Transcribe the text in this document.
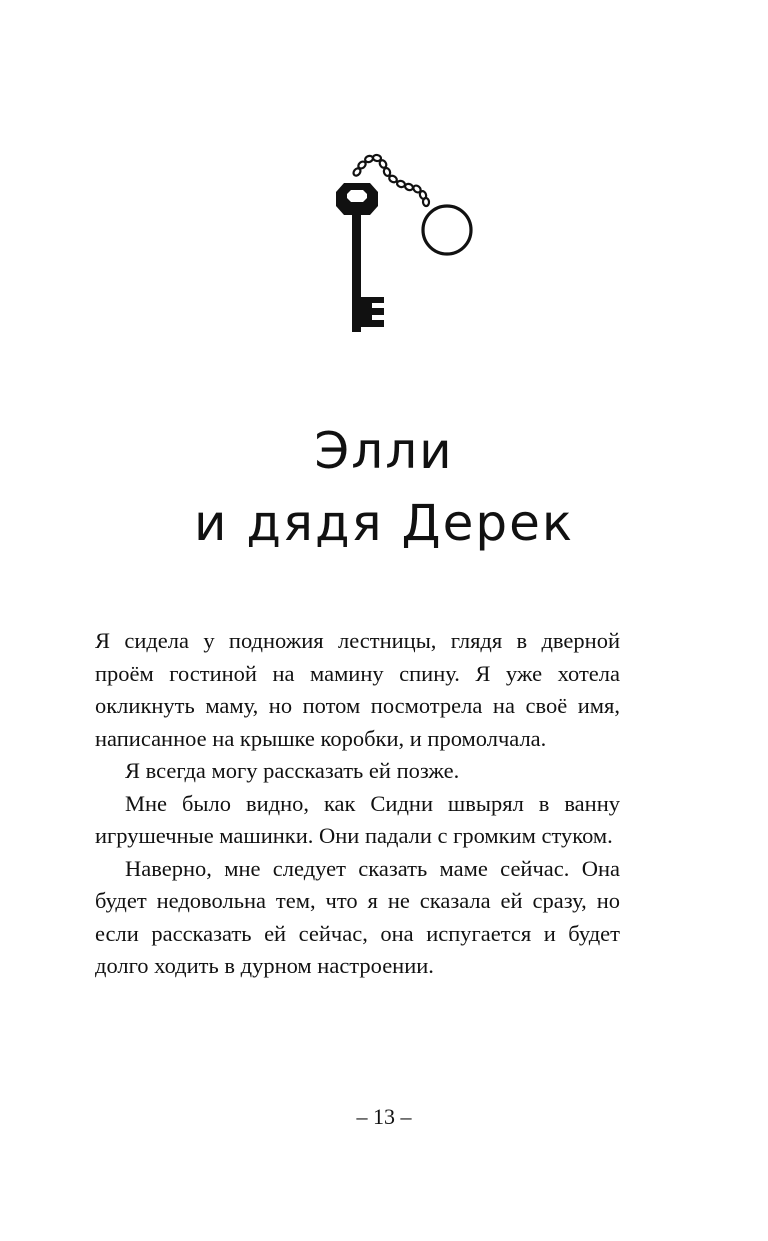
Элли
и дядя Дерек

Я сидела у подножия лестницы, глядя в дверной проём гостиной на мамину спину. Я уже хотела окликнуть маму, но потом посмотрела на своё имя, написанное на крышке коробки, и промолчала.

Я всегда могу рассказать ей позже.

Мне было видно, как Сидни швырял в ванну игрушечные машинки. Они падали с громким стуком.

Наверно, мне следует сказать маме сейчас. Она будет недовольна тем, что я не сказала ей сразу, но если рассказать ей сейчас, она испугается и будет долго ходить в дурном настроении.

– 13 –
